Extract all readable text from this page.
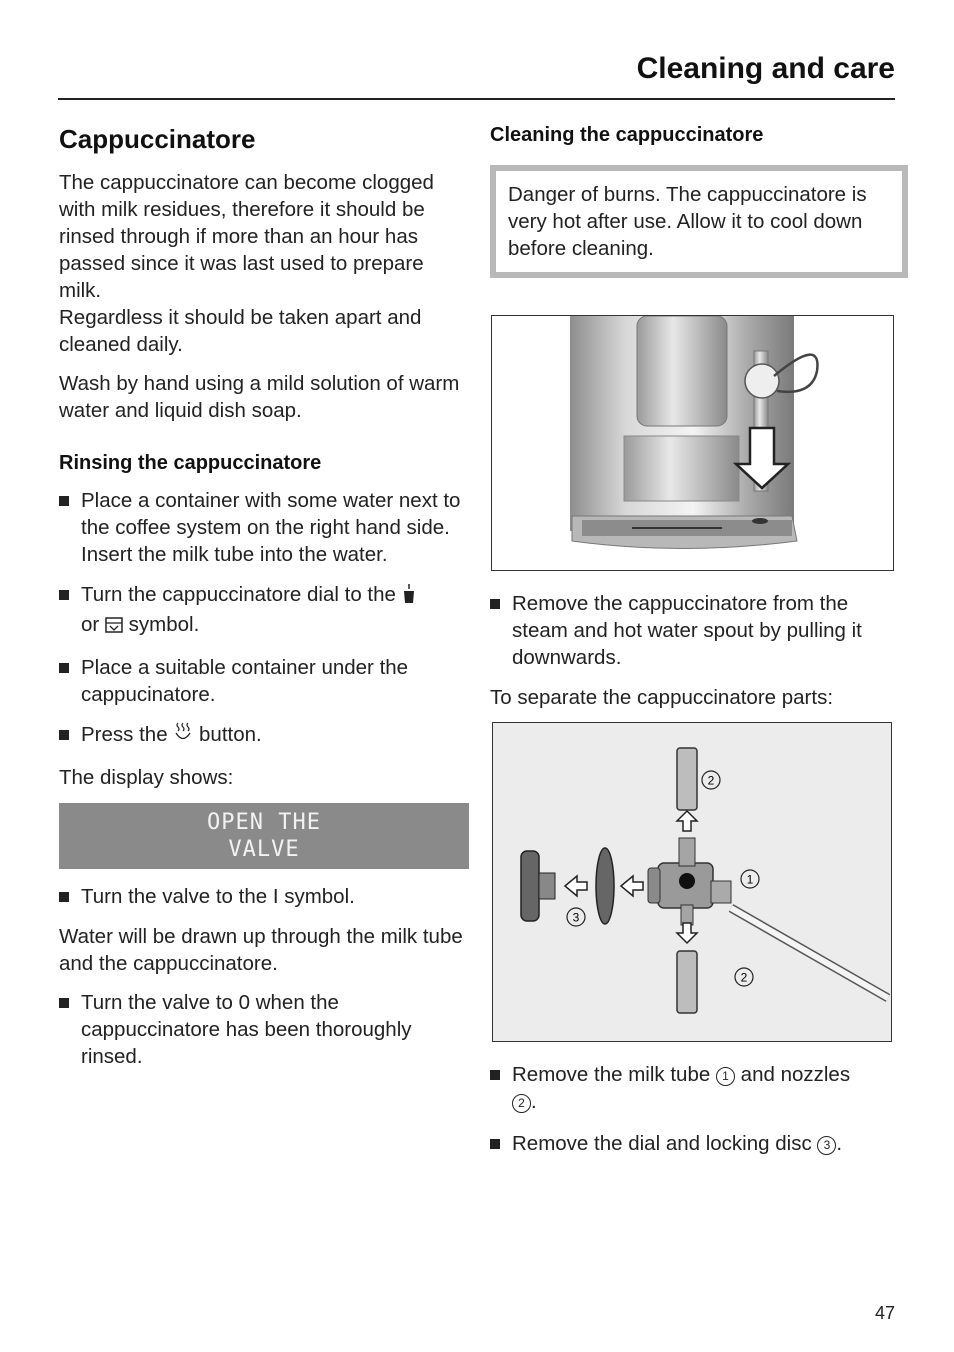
Cleaning and care
Cappuccinatore

The cappuccinatore can become clogged with milk residues, therefore it should be rinsed through if more than an hour has passed since it was last used to prepare milk.
Regardless it should be taken apart and cleaned daily.

Wash by hand using a mild solution of warm water and liquid dish soap.

Rinsing the cappuccinatore
Place a container with some water next to the coffee system on the right hand side. Insert the milk tube into the water.
Turn the cappuccinatore dial to the
or symbol.
Place a suitable container under the cappucinatore.
Press the button.

The display shows:

OPEN THE
VALVE
Turn the valve to the I symbol.

Water will be drawn up through the milk tube and the cappuccinatore.

Turn the valve to 0 when the cappuccinatore has been thoroughly rinsed.
Cleaning the cappuccinatore

Danger of burns. The cappuccinatore is very hot after use. Allow it to cool down before cleaning.

Remove the cappuccinatore from the steam and hot water spout by pulling it downwards.

To separate the cappuccinatore parts:

2
1
3
2
Remove the milk tube 1 and nozzles
2 .
Remove the dial and locking disc 3 .
47
